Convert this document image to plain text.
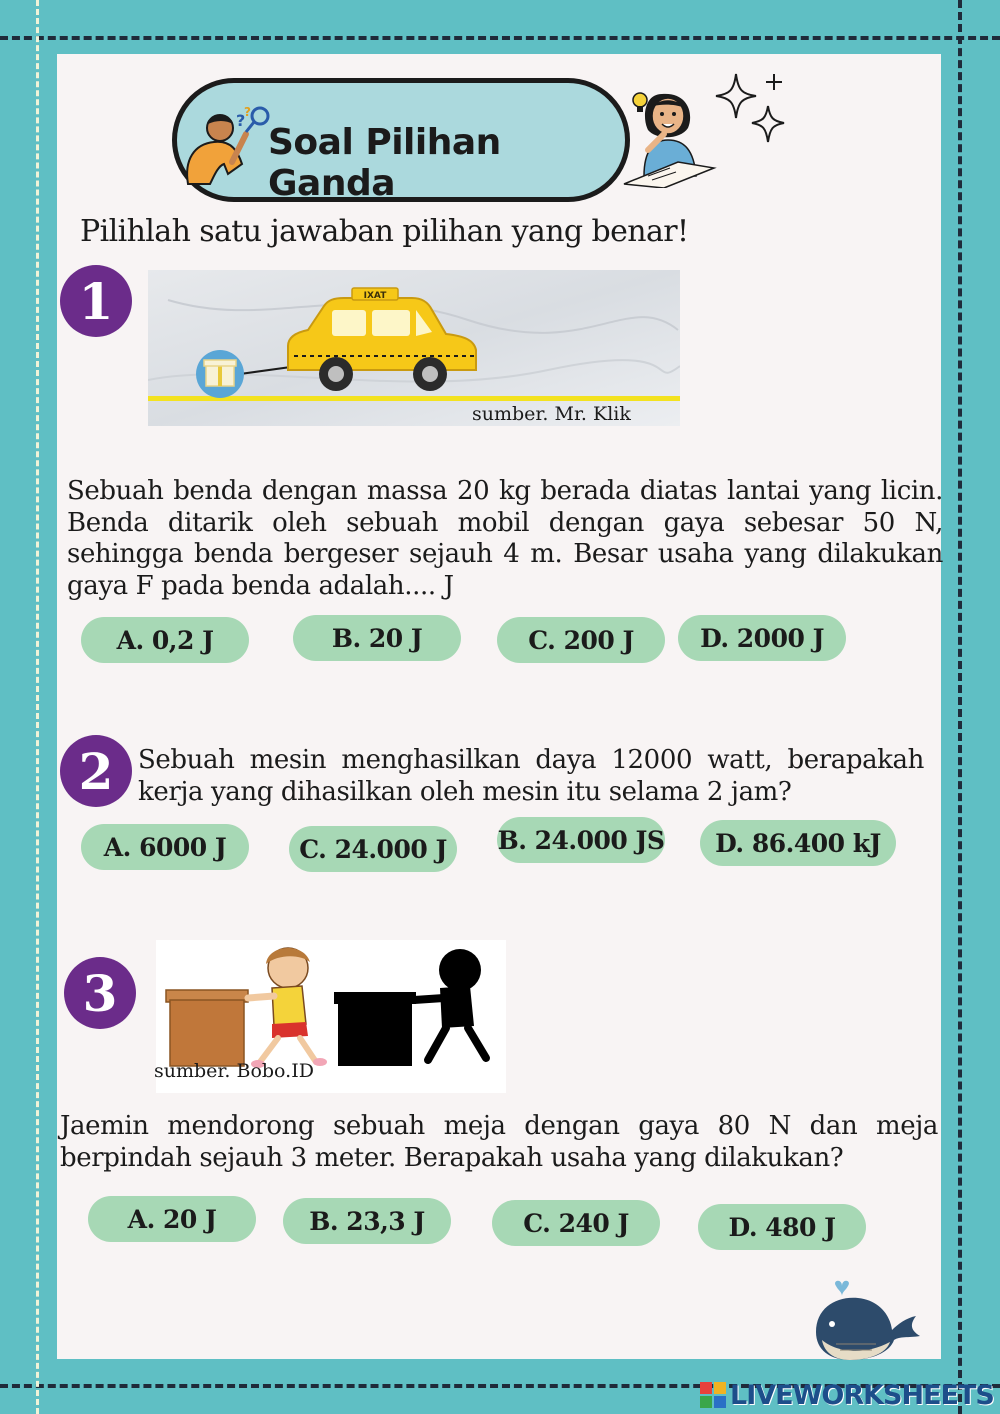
?
?
Soal Pilihan Ganda
Pilihlah satu jawaban pilihan yang benar!
1	IXAT
sumber. Mr. Klik
Sebuah benda dengan massa 20 kg berada diatas lantai yang licin. Benda ditarik oleh sebuah mobil dengan gaya sebesar 50 N, sehingga benda bergeser sejauh 4 m. Besar usaha yang dilakukan gaya F pada benda adalah.... J
A. 0,2 J	B. 20 J	C. 200 J	D. 2000 J
2 Sebuah mesin menghasilkan daya 12000 watt, berapakah kerja yang dihasilkan oleh mesin itu selama 2 jam?
A. 6000 J	C. 24.000 J	B. 24.000 JS	D. 86.400 kJ
3
sumber. Bobo.ID
Jaemin mendorong sebuah meja dengan gaya 80 N dan meja berpindah sejauh 3 meter. Berapakah usaha yang dilakukan?
A. 20 J	B. 23,3 J	C. 240 J	D. 480 J
LIVEWORKSHEETS
